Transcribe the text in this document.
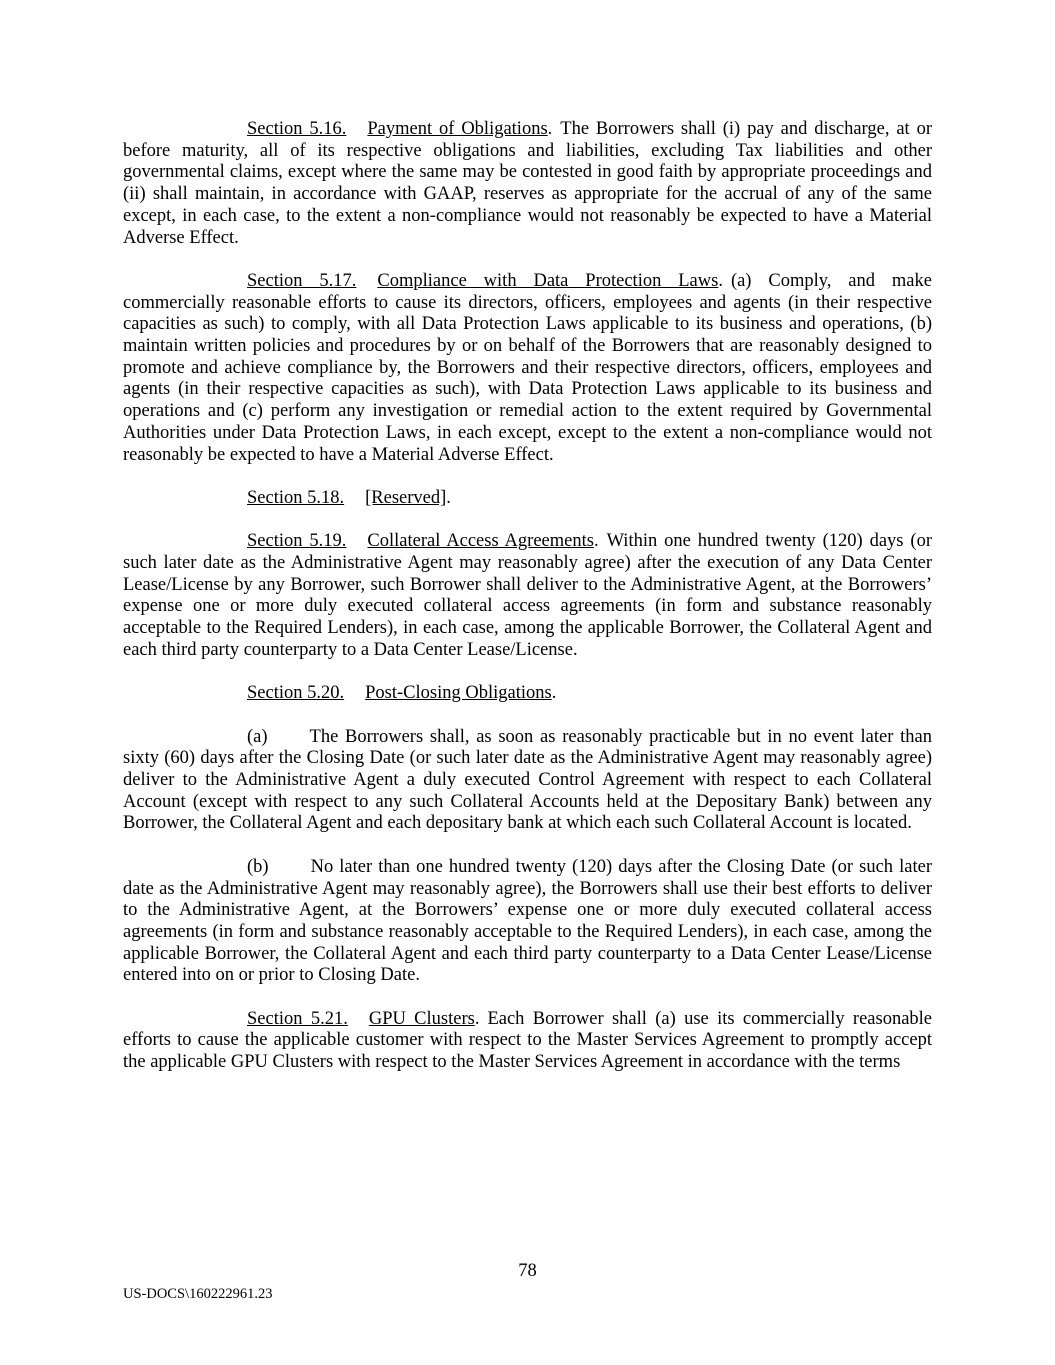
Section 5.16. Payment of Obligations. The Borrowers shall (i) pay and discharge, at or before maturity, all of its respective obligations and liabilities, excluding Tax liabilities and other governmental claims, except where the same may be contested in good faith by appropriate proceedings and (ii) shall maintain, in accordance with GAAP, reserves as appropriate for the accrual of any of the same except, in each case, to the extent a non-compliance would not reasonably be expected to have a Material Adverse Effect.

Section 5.17. Compliance with Data Protection Laws. (a) Comply, and make commercially reasonable efforts to cause its directors, officers, employees and agents (in their respective capacities as such) to comply, with all Data Protection Laws applicable to its business and operations, (b) maintain written policies and procedures by or on behalf of the Borrowers that are reasonably designed to promote and achieve compliance by, the Borrowers and their respective directors, officers, employees and agents (in their respective capacities as such), with Data Protection Laws applicable to its business and operations and (c) perform any investigation or remedial action to the extent required by Governmental Authorities under Data Protection Laws, in each except, except to the extent a non-compliance would not reasonably be expected to have a Material Adverse Effect.

Section 5.18. [Reserved].

Section 5.19. Collateral Access Agreements. Within one hundred twenty (120) days (or such later date as the Administrative Agent may reasonably agree) after the execution of any Data Center Lease/License by any Borrower, such Borrower shall deliver to the Administrative Agent, at the Borrowers’ expense one or more duly executed collateral access agreements (in form and substance reasonably acceptable to the Required Lenders), in each case, among the applicable Borrower, the Collateral Agent and each third party counterparty to a Data Center Lease/License.

Section 5.20. Post-Closing Obligations.

(a) The Borrowers shall, as soon as reasonably practicable but in no event later than sixty (60) days after the Closing Date (or such later date as the Administrative Agent may reasonably agree) deliver to the Administrative Agent a duly executed Control Agreement with respect to each Collateral Account (except with respect to any such Collateral Accounts held at the Depositary Bank) between any Borrower, the Collateral Agent and each depositary bank at which each such Collateral Account is located.

(b) No later than one hundred twenty (120) days after the Closing Date (or such later date as the Administrative Agent may reasonably agree), the Borrowers shall use their best efforts to deliver to the Administrative Agent, at the Borrowers’ expense one or more duly executed collateral access agreements (in form and substance reasonably acceptable to the Required Lenders), in each case, among the applicable Borrower, the Collateral Agent and each third party counterparty to a Data Center Lease/License entered into on or prior to Closing Date.

Section 5.21. GPU Clusters. Each Borrower shall (a) use its commercially reasonable efforts to cause the applicable customer with respect to the Master Services Agreement to promptly accept the applicable GPU Clusters with respect to the Master Services Agreement in accordance with the terms

78
US-DOCS\160222961.23
